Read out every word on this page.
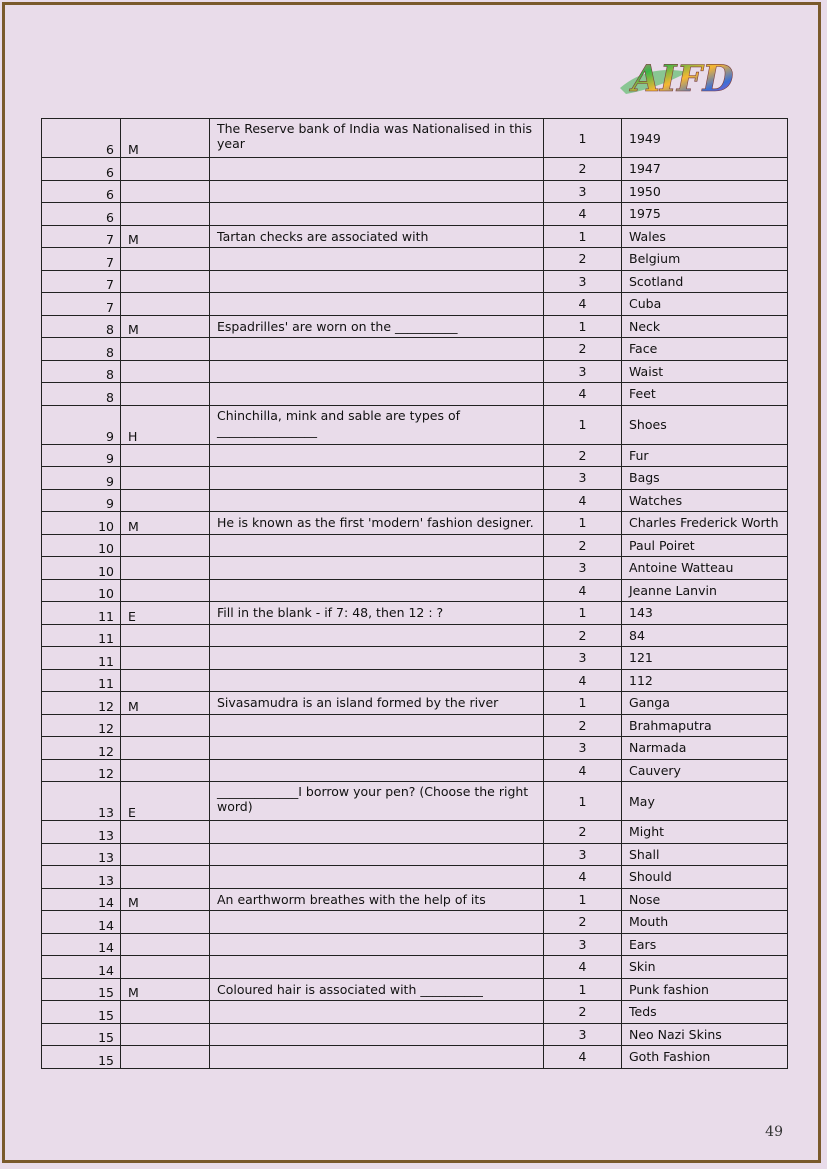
AIFD
6	M	The Reserve bank of India was Nationalised in this year	1	1949
6			2	1947
6			3	1950
6			4	1975
7	M	Tartan checks are associated with	1	Wales
7			2	Belgium
7			3	Scotland
7			4	Cuba
8	M	Espadrilles' are worn on the __________	1	Neck
8			2	Face
8			3	Waist
8			4	Feet
9	H	Chinchilla, mink and sable are types of ________________	1	Shoes
9			2	Fur
9			3	Bags
9			4	Watches
10	M	He is known as the first 'modern' fashion designer.	1	Charles Frederick Worth
10			2	Paul Poiret
10			3	Antoine Watteau
10			4	Jeanne Lanvin
11	E	Fill in the blank - if 7: 48, then 12 : ?	1	143
11			2	84
11			3	121
11			4	112
12	M	Sivasamudra is an island formed by the river	1	Ganga
12			2	Brahmaputra
12			3	Narmada
12			4	Cauvery
13	E	_____________I borrow your pen? (Choose the right word)	1	May
13			2	Might
13			3	Shall
13			4	Should
14	M	An earthworm breathes with the help of its	1	Nose
14			2	Mouth
14			3	Ears
14			4	Skin
15	M	Coloured hair is associated with __________	1	Punk fashion
15			2	Teds
15			3	Neo Nazi Skins
15			4	Goth Fashion
49
